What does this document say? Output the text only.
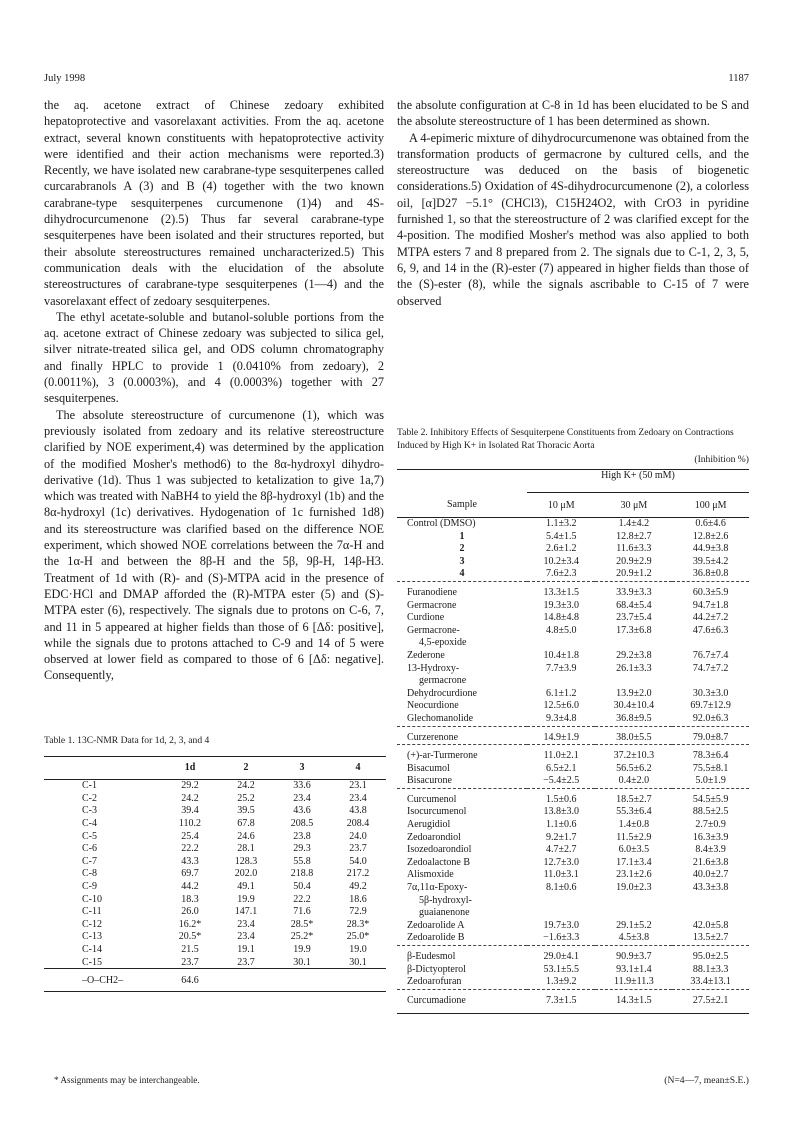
July 1998	1187

the aq. acetone extract of Chinese zedoary exhibited hepatoprotective and vasorelaxant activities. From the aq. acetone extract, several known constituents with hepatoprotective activity were identified and their action mechanisms were reported.3) Recently, we have isolated new carabrane-type sesquiterpenes called curcarabranols A (3) and B (4) together with the two known carabrane-type sesquiterpenes curcumenone (1)4) and 4S-dihydrocurcumenone (2).5) Thus far several carabrane-type sesquiterpenes have been isolated and their structures reported, but their absolute stereostructures remained uncharacterized.5) This communication deals with the elucidation of the absolute stereostructures of carabrane-type sesquiterpenes (1—4) and the vasorelaxant effect of zedoary sesquiterpenes.

The ethyl acetate-soluble and butanol-soluble portions from the aq. acetone extract of Chinese zedoary was subjected to silica gel, silver nitrate-treated silica gel, and ODS column chromatography and finally HPLC to provide 1 (0.0410% from zedoary), 2 (0.0011%), 3 (0.0003%), and 4 (0.0003%) together with 27 sesquiterpenes.

The absolute stereostructure of curcumenone (1), which was previously isolated from zedoary and its relative stereostructure clarified by NOE experiment,4) was determined by the application of the modified Mosher's method6) to the 8α-hydroxyl dihydro-derivative (1d). Thus 1 was subjected to ketalization to give 1a,7) which was treated with NaBH4 to yield the 8β-hydroxyl (1b) and the 8α-hydroxyl (1c) derivatives. Hydogenation of 1c furnished 1d8) and its stereostructure was clarified based on the difference NOE experiment, which showed NOE correlations between the 7α-H and the 1α-H and between the 8β-H and the 5β, 9β-H, 14β-H3. Treatment of 1d with (R)- and (S)-MTPA acid in the presence of EDC·HCl and DMAP afforded the (R)-MTPA ester (5) and (S)-MTPA ester (6), respectively. The signals due to protons on C-6, 7, and 11 in 5 appeared at higher fields than those of 6 [Δδ: positive], while the signals due to protons attached to C-9 and 14 of 5 were observed at lower field as compared to those of 6 [Δδ: negative]. Consequently,

the absolute configuration at C-8 in 1d has been elucidated to be S and the absolute stereostructure of 1 has been determined as shown.

A 4-epimeric mixture of dihydrocurcumenone was obtained from the transformation products of germacrone by cultured cells, and the stereostructure was deduced on the basis of biogenetic considerations.5) Oxidation of 4S-dihydrocurcumenone (2), a colorless oil, [α]D27 −5.1° (CHCl3), C15H24O2, with CrO3 in pyridine furnished 1, so that the stereostructure of 2 was clarified except for the 4-position. The modified Mosher's method was also applied to both MTPA esters 7 and 8 prepared from 2. The signals due to C-1, 2, 3, 5, 6, 9, and 14 in the (R)-ester (7) appeared in higher fields than those of the (S)-ester (8), while the signals ascribable to C-15 of 7 were observed

Table 1. 13C-NMR Data for 1d, 2, 3, and 4
	1d	2	3	4
C-1	29.2	24.2	33.6	23.1
C-2	24.2	25.2	23.4	23.4
C-3	39.4	39.5	43.6	43.8
C-4	110.2	67.8	208.5	208.4
C-5	25.4	24.6	23.8	24.0
C-6	22.2	28.1	29.3	23.7
C-7	43.3	128.3	55.8	54.0
C-8	69.7	202.0	218.8	217.2
C-9	44.2	49.1	50.4	49.2
C-10	18.3	19.9	22.2	18.6
C-11	26.0	147.1	71.6	72.9
C-12	16.2*	23.4	28.5*	28.3*
C-13	20.5*	23.4	25.2*	25.0*
C-14	21.5	19.1	19.9	19.0
C-15	23.7	23.7	30.1	30.1
–O–CH2–	64.6			
* Assignments may be interchangeable.
Table 2. Inhibitory Effects of Sesquiterpene Constituents from Zedoary on Contractions Induced by High K+ in Isolated Rat Thoracic Aorta
(Inhibition %)
	High K+ (50 mM)		
Sample	10 μM	30 μM	100 μM
Control (DMSO)	1.1±3.2	1.4±4.2	0.6±4.6
1	5.4±1.5	12.8±2.7	12.8±2.6
2	2.6±1.2	11.6±3.3	44.9±3.8
3	10.2±3.4	20.9±2.9	39.5±4.2
4	7.6±2.3	20.9±1.2	36.8±0.8
Furanodiene	13.3±1.5	33.9±3.3	60.3±5.9
Germacrone	19.3±3.0	68.4±5.4	94.7±1.8
Curdione	14.8±4.8	23.7±5.4	44.2±7.2
Germacrone-	4.8±5.0	17.3±6.8	47.6±6.3
4,5-epoxide			
Zederone	10.4±1.8	29.2±3.8	76.7±7.4
13-Hydroxy-	7.7±3.9	26.1±3.3	74.7±7.2
germacrone			
Dehydrocurdione	6.1±1.2	13.9±2.0	30.3±3.0
Neocurdione	12.5±6.0	30.4±10.4	69.7±12.9
Glechomanolide	9.3±4.8	36.8±9.5	92.0±6.3
Curzerenone	14.9±1.9	38.0±5.5	79.0±8.7
(+)-ar-Turmerone	11.0±2.1	37.2±10.3	78.3±6.4
Bisacumol	6.5±2.1	56.5±6.2	75.5±8.1
Bisacurone	−5.4±2.5	0.4±2.0	5.0±1.9
Curcumenol	1.5±0.6	18.5±2.7	54.5±5.9
Isocurcumenol	13.8±3.0	55.3±6.4	88.5±2.5
Aerugidiol	1.1±0.6	1.4±0.8	2.7±0.9
Zedoarondiol	9.2±1.7	11.5±2.9	16.3±3.9
Isozedoarondiol	4.7±2.7	6.0±3.5	8.4±3.9
Zedoalactone B	12.7±3.0	17.1±3.4	21.6±3.8
Alismoxide	11.0±3.1	23.1±2.6	40.0±2.7
7α,11α-Epoxy-	8.1±0.6	19.0±2.3	43.3±3.8
5β-hydroxyl-			
guaianenone			
Zedoarolide A	19.7±3.0	29.1±5.2	42.0±5.8
Zedoarolide B	−1.6±3.3	4.5±3.8	13.5±2.7
β-Eudesmol	29.0±4.1	90.9±3.7	95.0±2.5
β-Dictyopterol	53.1±5.5	93.1±1.4	88.1±3.3
Zedoarofuran	1.3±9.2	11.9±11.3	33.4±13.1
Curcumadione	7.3±1.5	14.3±1.5	27.5±2.1
(N=4—7, mean±S.E.)
